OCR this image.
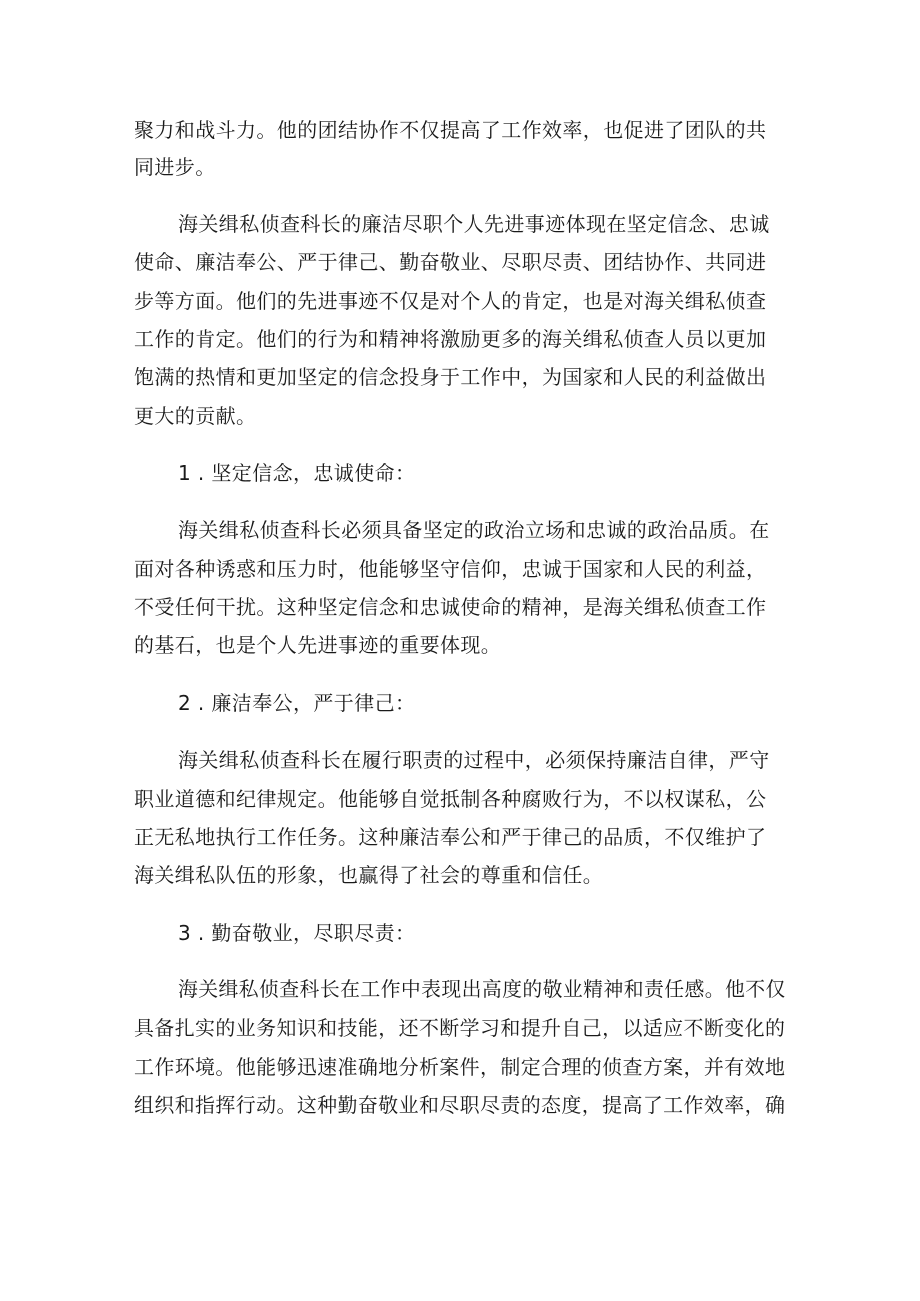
聚力和战斗力。他的团结协作不仅提高了工作效率，也促进了团队的共
同进步。
海关缉私侦查科长的廉洁尽职个人先进事迹体现在坚定信念、忠诚
使命、廉洁奉公、严于律己、勤奋敬业、尽职尽责、团结协作、共同进
步等方面。他们的先进事迹不仅是对个人的肯定，也是对海关缉私侦查
工作的肯定。他们的行为和精神将激励更多的海关缉私侦查人员以更加
饱满的热情和更加坚定的信念投身于工作中，为国家和人民的利益做出
更大的贡献。
1 . 坚定信念，忠诚使命：
海关缉私侦查科长必须具备坚定的政治立场和忠诚的政治品质。在
面对各种诱惑和压力时，他能够坚守信仰，忠诚于国家和人民的利益，
不受任何干扰。这种坚定信念和忠诚使命的精神，是海关缉私侦查工作
的基石，也是个人先进事迹的重要体现。
2 . 廉洁奉公，严于律己：
海关缉私侦查科长在履行职责的过程中，必须保持廉洁自律，严守
职业道德和纪律规定。他能够自觉抵制各种腐败行为，不以权谋私，公
正无私地执行工作任务。这种廉洁奉公和严于律己的品质，不仅维护了
海关缉私队伍的形象，也赢得了社会的尊重和信任。
3 . 勤奋敬业，尽职尽责：
海关缉私侦查科长在工作中表现出高度的敬业精神和责任感。他不仅
具备扎实的业务知识和技能，还不断学习和提升自己，以适应不断变化的
工作环境。他能够迅速准确地分析案件，制定合理的侦查方案，并有效地
组织和指挥行动。这种勤奋敬业和尽职尽责的态度，提高了工作效率，确
